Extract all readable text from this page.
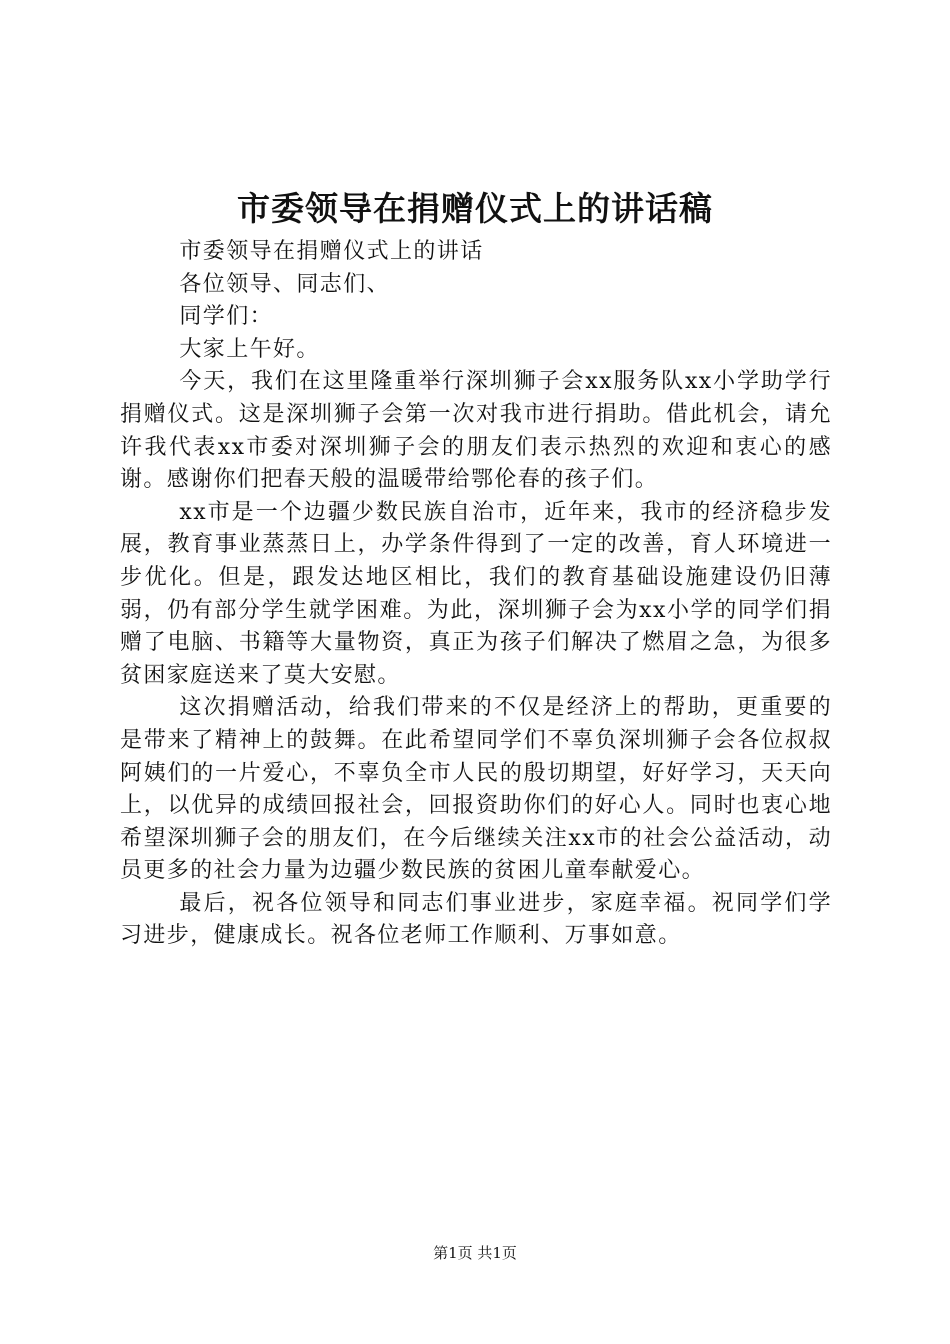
市委领导在捐赠仪式上的讲话稿

市委领导在捐赠仪式上的讲话

各位领导、同志们、

同学们：

大家上午好。

今天，我们在这里隆重举行深圳狮子会xx服务队xx小学助学行捐赠仪式。这是深圳狮子会第一次对我市进行捐助。借此机会，请允许我代表xx市委对深圳狮子会的朋友们表示热烈的欢迎和衷心的感谢。感谢你们把春天般的温暖带给鄂伦春的孩子们。

xx市是一个边疆少数民族自治市，近年来，我市的经济稳步发展，教育事业蒸蒸日上，办学条件得到了一定的改善，育人环境进一步优化。但是，跟发达地区相比，我们的教育基础设施建设仍旧薄弱，仍有部分学生就学困难。为此，深圳狮子会为xx小学的同学们捐赠了电脑、书籍等大量物资，真正为孩子们解决了燃眉之急，为很多贫困家庭送来了莫大安慰。

这次捐赠活动，给我们带来的不仅是经济上的帮助，更重要的是带来了精神上的鼓舞。在此希望同学们不辜负深圳狮子会各位叔叔阿姨们的一片爱心，不辜负全市人民的殷切期望，好好学习，天天向上，以优异的成绩回报社会，回报资助你们的好心人。同时也衷心地希望深圳狮子会的朋友们，在今后继续关注xx市的社会公益活动，动员更多的社会力量为边疆少数民族的贫困儿童奉献爱心。

最后，祝各位领导和同志们事业进步，家庭幸福。祝同学们学习进步，健康成长。祝各位老师工作顺利、万事如意。

第1页 共1页
